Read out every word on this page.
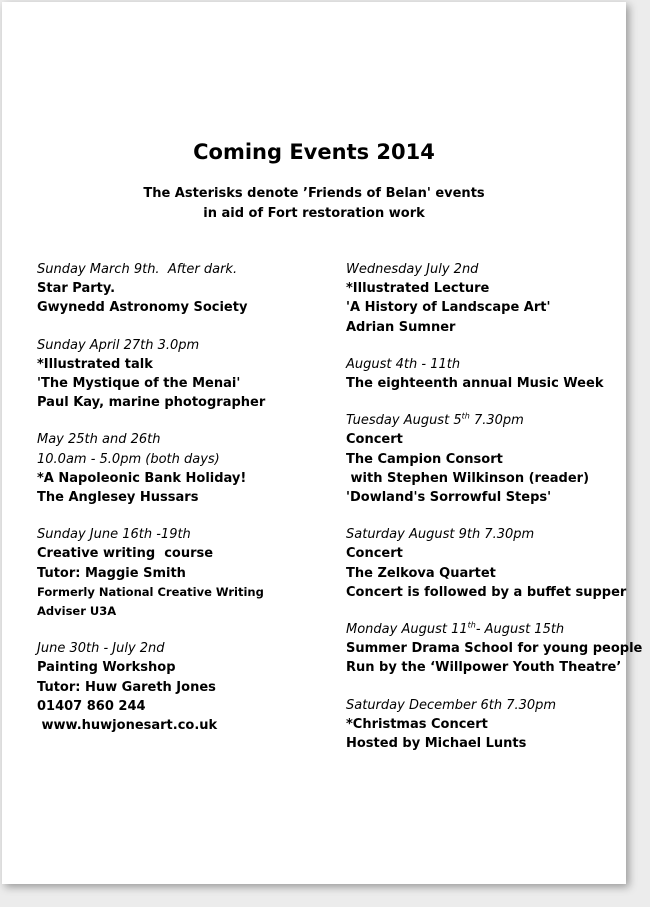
Coming Events 2014
The Asterisks denote ’Friends of Belan' events
in aid of Fort restoration work
Sunday March 9th.  After dark.
Star Party.
Gwynedd Astronomy Society
Sunday April 27th 3.0pm
*Illustrated talk
'The Mystique of the Menai'
Paul Kay, marine photographer
May 25th and 26th
10.0am - 5.0pm (both days)
*A Napoleonic Bank Holiday!
The Anglesey Hussars
Sunday June 16th -19th
Creative writing  course
Tutor: Maggie Smith
Formerly National Creative Writing
Adviser U3A
June 30th - July 2nd
Painting Workshop
Tutor: Huw Gareth Jones
01407 860 244
www.huwjonesart.co.uk
Wednesday July 2nd
*Illustrated Lecture
'A History of Landscape Art'
Adrian Sumner
August 4th - 11th
The eighteenth annual Music Week
Tuesday August 5th 7.30pm
Concert
The Campion Consort
with Stephen Wilkinson (reader)
'Dowland's Sorrowful Steps'
Saturday August 9th 7.30pm
Concert
The Zelkova Quartet
Concert is followed by a buffet supper
Monday August 11th- August 15th
Summer Drama School for young people
Run by the ‘Willpower Youth Theatre’
Saturday December 6th 7.30pm
*Christmas Concert
Hosted by Michael Lunts
